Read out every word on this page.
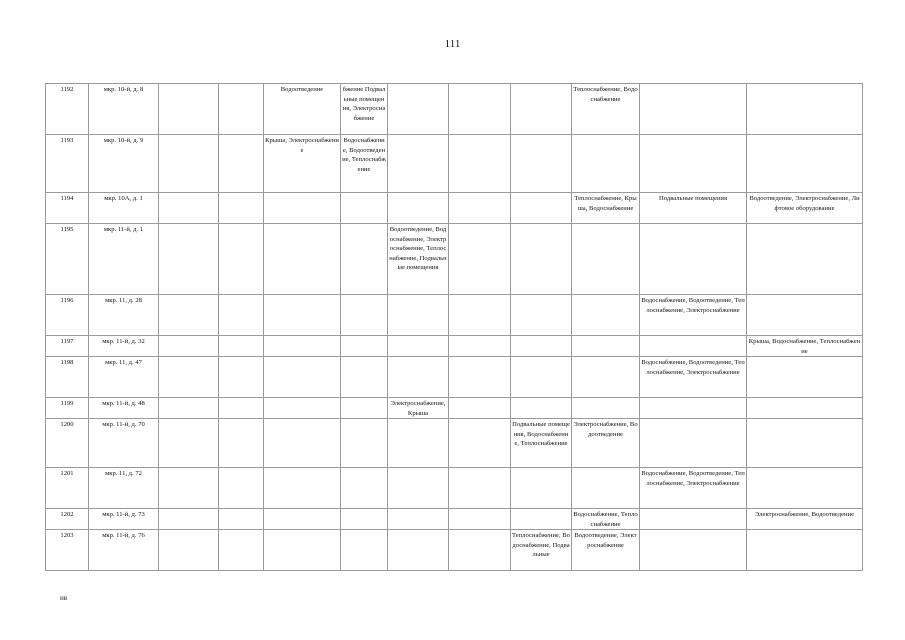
111
1192	мкр. 10-й, д. 8			Водоотведение	бжение Подвальные помещения, Электроснабжение				Теплоснабжение, Водоснабжение		
1193	мкр. 10-й, д. 9			Крыша, Электроснабжение	Водоснабжение, Водоотведение, Теплоснабжение						
1194	мкр. 10А, д. 1								Теплоснабжение, Крыша, Водоснабжение	Подвальные помещения	Водоотведение, Электроснабжение, Лифтовое оборудование
1195	мкр. 11-й, д. 1					Водоотведение, Водоснабжение, Электроснабжение, Теплоснабжение, Подвальные помещения					
1196	мкр. 11, д. 28									Водоснабжение, Водоотведение, Теплоснабжение, Электроснабжение	
1197	мкр. 11-й, д. 32										Крыша, Водоснабжение, Теплоснабжение
1198	мкр. 11, д. 47									Водоснабжение, Водоотведение, Теплоснабжение, Электроснабжение	
1199	мкр. 11-й, д. 48					Электроснабжение, Крыша					
1200	мкр. 11-й, д. 70							Подвальные помещения, Водоснабжение, Теплоснабжение	Электроснабжение, Водоотведение		
1201	мкр. 11, д. 72									Водоснабжение, Водоотведение, Теплоснабжение, Электроснабжение	
1202	мкр. 11-й, д. 73								Водоснабжение, Теплоснабжение		Электроснабжение, Водоотведение
1203	мкр. 11-й, д. 76							Теплоснабжение, Водоснабжение, Подвальные	Водоотведение, Электроснабжение		
нв
